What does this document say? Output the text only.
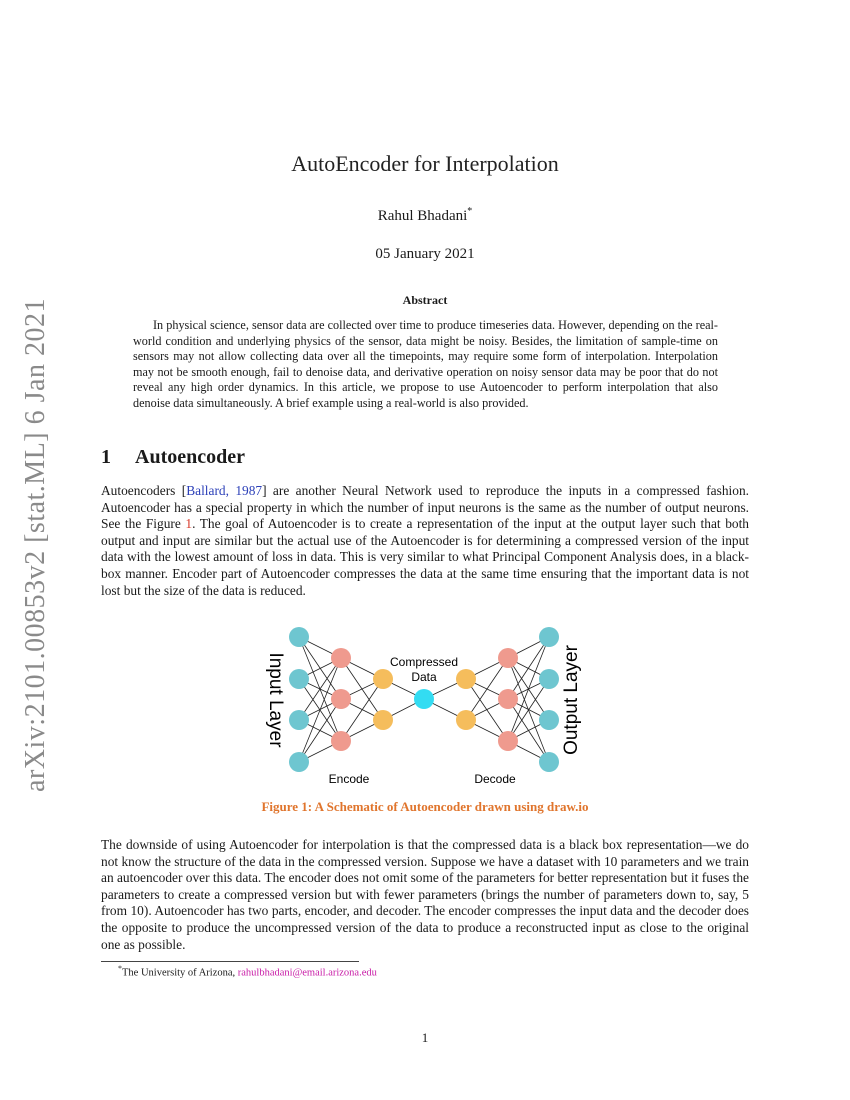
arXiv:2101.00853v2 [stat.ML] 6 Jan 2021
AutoEncoder for Interpolation
Rahul Bhadani*
05 January 2021
Abstract

In physical science, sensor data are collected over time to produce timeseries data. However, depending on the real-world condition and underlying physics of the sensor, data might be noisy. Besides, the limitation of sample-time on sensors may not allow collecting data over all the timepoints, may require some form of interpolation. Interpolation may not be smooth enough, fail to denoise data, and derivative operation on noisy sensor data may be poor that do not reveal any high order dynamics. In this article, we propose to use Autoencoder to perform interpolation that also denoise data simultaneously. A brief example using a real-world is also provided.

1 Autoencoder

Autoencoders [Ballard, 1987] are another Neural Network used to reproduce the inputs in a compressed fashion. Autoencoder has a special property in which the number of input neurons is the same as the number of output neurons. See the Figure 1. The goal of Autoencoder is to create a representation of the input at the output layer such that both output and input are similar but the actual use of the Autoencoder is for determining a compressed version of the input data with the lowest amount of loss in data. This is very similar to what Principal Component Analysis does, in a black-box manner. Encoder part of Autoencoder compresses the data at the same time ensuring that the important data is not lost but the size of the data is reduced.

Input Layer	Output Layer
Compressed
Data
Encode	Decode
Figure 1: A Schematic of Autoencoder drawn using draw.io

The downside of using Autoencoder for interpolation is that the compressed data is a black box representation—we do not know the structure of the data in the compressed version. Suppose we have a dataset with 10 parameters and we train an autoencoder over this data. The encoder does not omit some of the parameters for better representation but it fuses the parameters to create a compressed version but with fewer parameters (brings the number of parameters down to, say, 5 from 10). Autoencoder has two parts, encoder, and decoder. The encoder compresses the input data and the decoder does the opposite to produce the uncompressed version of the data to produce a reconstructed input as close to the original one as possible.

*The University of Arizona, rahulbhadani@email.arizona.edu
1
